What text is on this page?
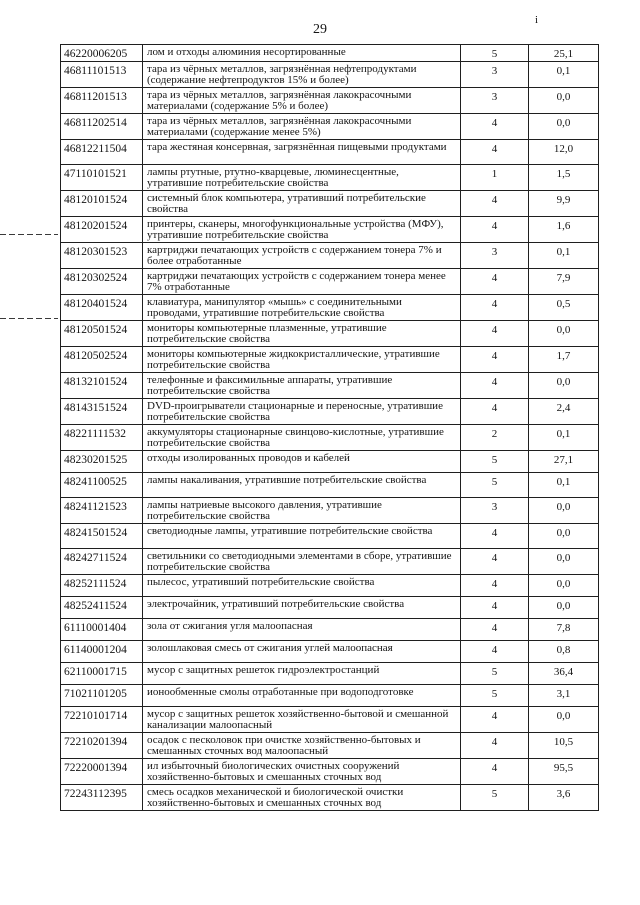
29
і
46220006205	лом и отходы алюминия несортированные	5	25,1
46811101513	тара из чёрных металлов, загрязнённая нефтепродуктами (содержание нефтепродуктов 15% и более)	3	0,1
46811201513	тара из чёрных металлов, загрязнённая лакокрасочными материалами (содержание 5% и более)	3	0,0
46811202514	тара из чёрных металлов, загрязнённая лакокрасочными материалами (содержание менее 5%)	4	0,0
46812211504	тара жестяная консервная, загрязнённая пищевыми продуктами	4	12,0
47110101521	лампы ртутные, ртутно-кварцевые, люминесцентные, утратившие потребительские свойства	1	1,5
48120101524	системный блок компьютера, утративший потребительские свойства	4	9,9
48120201524	принтеры, сканеры, многофункциональные устройства (МФУ), утратившие потребительские свойства	4	1,6
48120301523	картриджи печатающих устройств с содержанием тонера 7% и более отработанные	3	0,1
48120302524	картриджи печатающих устройств с содержанием тонера менее 7% отработанные	4	7,9
48120401524	клавиатура, манипулятор «мышь» с соединительными проводами, утратившие потребительские свойства	4	0,5
48120501524	мониторы компьютерные плазменные, утратившие потребительские свойства	4	0,0
48120502524	мониторы компьютерные жидкокристаллические, утратившие потребительские свойства	4	1,7
48132101524	телефонные и факсимильные аппараты, утратившие потребительские свойства	4	0,0
48143151524	DVD-проигрыватели стационарные и переносные, утратившие потребительские свойства	4	2,4
48221111532	аккумуляторы стационарные свинцово-кислотные, утратившие потребительские свойства	2	0,1
48230201525	отходы изолированных проводов и кабелей	5	27,1
48241100525	лампы накаливания, утратившие потребительские свойства	5	0,1
48241121523	лампы натриевые высокого давления, утратившие потребительские свойства	3	0,0
48241501524	светодиодные лампы, утратившие потребительские свойства	4	0,0
48242711524	светильники со светодиодными элементами в сборе, утратившие потребительские свойства	4	0,0
48252111524	пылесос, утративший потребительские свойства	4	0,0
48252411524	электрочайник, утративший потребительские свойства	4	0,0
61110001404	зола от сжигания угля малоопасная	4	7,8
61140001204	золошлаковая смесь от сжигания углей малоопасная	4	0,8
62110001715	мусор с защитных решеток гидроэлектростанций	5	36,4
71021101205	ионообменные смолы отработанные при водоподготовке	5	3,1
72210101714	мусор с защитных решеток хозяйственно-бытовой и смешанной канализации малоопасный	4	0,0
72210201394	осадок с песколовок при очистке хозяйственно-бытовых и смешанных сточных вод малоопасный	4	10,5
72220001394	ил избыточный биологических очистных сооружений хозяйственно-бытовых и смешанных сточных вод	4	95,5
72243112395	смесь осадков механической и биологической очистки хозяйственно-бытовых и смешанных сточных вод	5	3,6
